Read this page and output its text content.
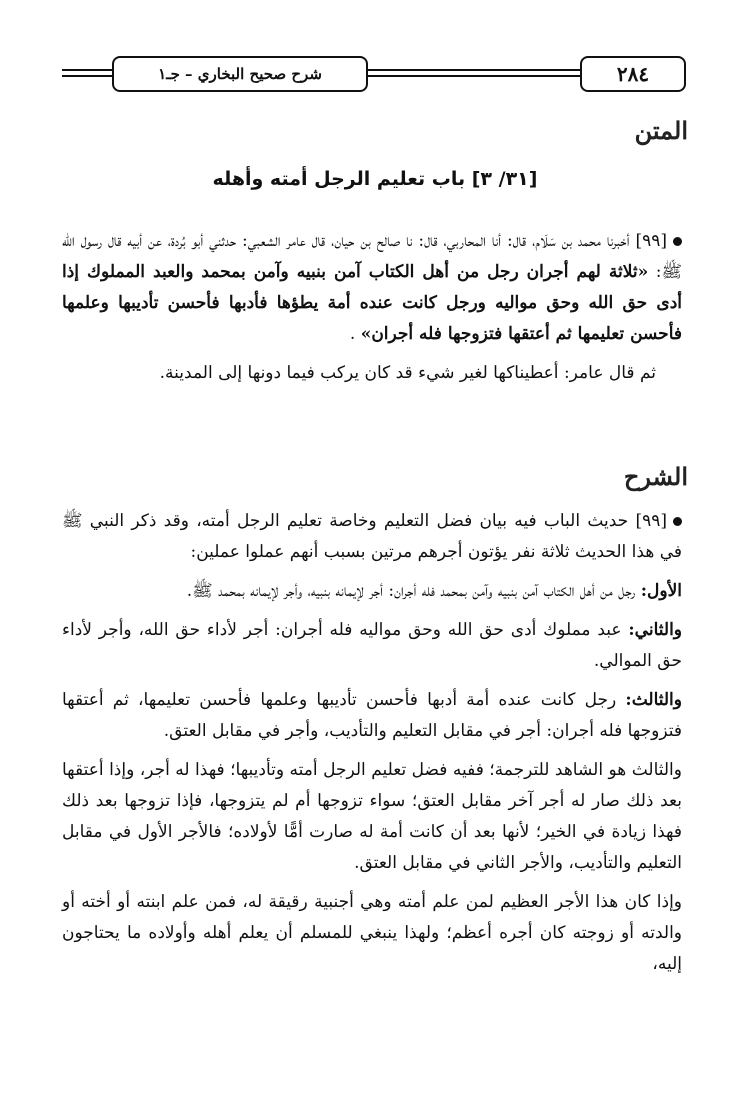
شرح صحيح البخاري – جـ١	٢٨٤
المتن
[٣١/ ٣] باب تعليم الرجل أمته وأهله

[٩٩] أخبرنا محمد بن سَلَام، قال: أنا المحاربي، قال: نا صالح بن حيان، قال عامر الشعبي: حدثني أبو بُردة، عن أبيه قال رسول الله ﷺ: «ثلاثة لهم أجران رجل من أهل الكتاب آمن بنبيه وآمن بمحمد والعبد المملوك إذا أدى حق الله وحق مواليه ورجل كانت عنده أمة يطؤها فأدبها فأحسن تأديبها وعلمها فأحسن تعليمها ثم أعتقها فتزوجها فله أجران» .

ثم قال عامر: أعطيناكها لغير شيء قد كان يركب فيما دونها إلى المدينة.

الشرح

[٩٩] حديث الباب فيه بيان فضل التعليم وخاصة تعليم الرجل أمته، وقد ذكر النبي ﷺ في هذا الحديث ثلاثة نفر يؤتون أجرهم مرتين بسبب أنهم عملوا عملين:

الأول: رجل من أهل الكتاب آمن بنبيه وآمن بمحمد فله أجران: أجر لإيمانه بنبيه، وأجر لإيمانه بمحمد ﷺ.

والثاني: عبد مملوك أدى حق الله وحق مواليه فله أجران: أجر لأداء حق الله، وأجر لأداء حق الموالي.

والثالث: رجل كانت عنده أمة أدبها فأحسن تأديبها وعلمها فأحسن تعليمها، ثم أعتقها فتزوجها فله أجران: أجر في مقابل التعليم والتأديب، وأجر في مقابل العتق.

والثالث هو الشاهد للترجمة؛ ففيه فضل تعليم الرجل أمته وتأديبها؛ فهذا له أجر، وإذا أعتقها بعد ذلك صار له أجر آخر مقابل العتق؛ سواء تزوجها أم لم يتزوجها، فإذا تزوجها بعد ذلك فهذا زيادة في الخير؛ لأنها بعد أن كانت أمة له صارت أمًّا لأولاده؛ فالأجر الأول في مقابل التعليم والتأديب، والأجر الثاني في مقابل العتق.

وإذا كان هذا الأجر العظيم لمن علم أمته وهي أجنبية رقيقة له، فمن علم ابنته أو أخته أو والدته أو زوجته كان أجره أعظم؛ ولهذا ينبغي للمسلم أن يعلم أهله وأولاده ما يحتاجون إليه،
